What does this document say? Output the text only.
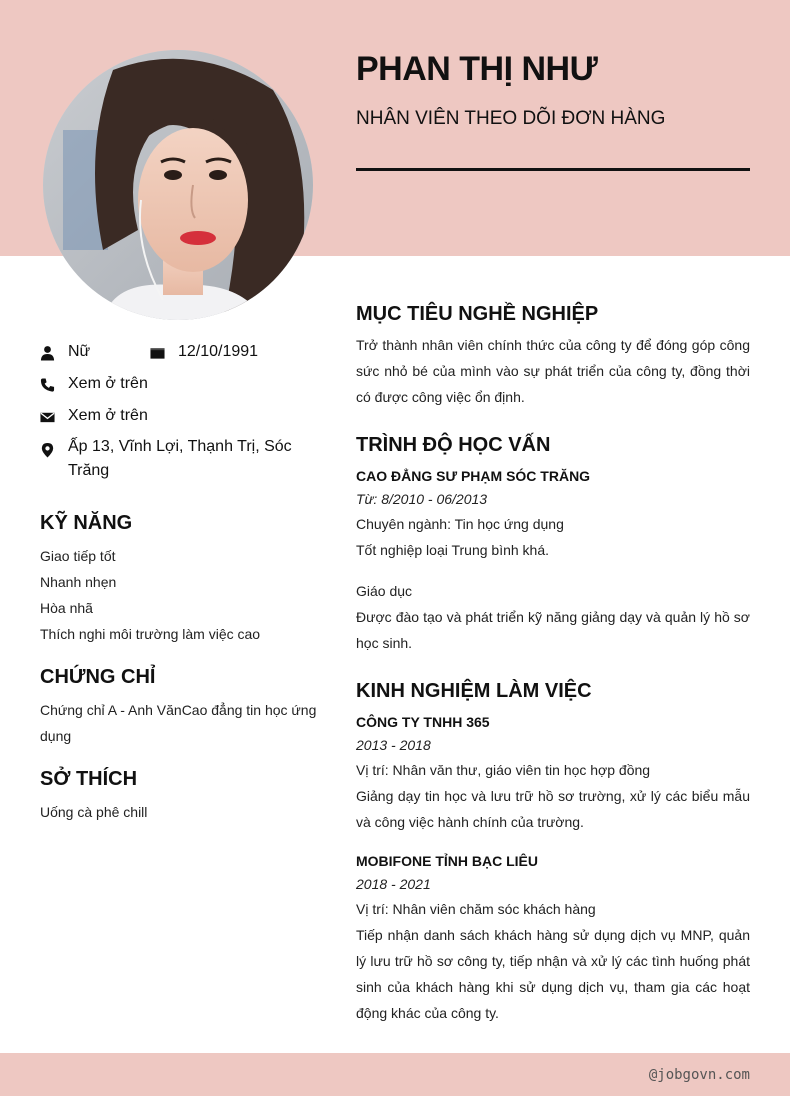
PHAN THỊ NHƯ
NHÂN VIÊN THEO DÕI ĐƠN HÀNG
Nữ	12/10/1991
Xem ở trên
Xem ở trên
Ấp 13, Vĩnh Lợi, Thạnh Trị, Sóc Trăng
KỸ NĂNG
Giao tiếp tốt
Nhanh nhẹn
Hòa nhã
Thích nghi môi trường làm việc cao
CHỨNG CHỈ
Chứng chỉ A - Anh VănCao đẳng tin học ứng dụng
SỞ THÍCH
Uống cà phê chill
MỤC TIÊU NGHỀ NGHIỆP
Trở thành nhân viên chính thức của công ty để đóng góp công sức nhỏ bé của mình vào sự phát triển của công ty, đồng thời có được công việc ổn định.
TRÌNH ĐỘ HỌC VẤN
CAO ĐẲNG SƯ PHẠM SÓC TRĂNG
Từ: 8/2010 - 06/2013
Chuyên ngành: Tin học ứng dụng
Tốt nghiệp loại Trung bình khá.
Giáo dục
Được đào tạo và phát triển kỹ năng giảng dạy và quản lý hồ sơ học sinh.
KINH NGHIỆM LÀM VIỆC
CÔNG TY TNHH 365
2013 - 2018
Vị trí: Nhân văn thư, giáo viên tin học hợp đồng
Giảng dạy tin học và lưu trữ hồ sơ trường, xử lý các biểu mẫu và công việc hành chính của trường.
MOBIFONE TỈNH BẠC LIÊU
2018 - 2021
Vị trí: Nhân viên chăm sóc khách hàng
Tiếp nhận danh sách khách hàng sử dụng dịch vụ MNP, quản lý lưu trữ hồ sơ công ty, tiếp nhận và xử lý các tình huống phát sinh của khách hàng khi sử dụng dịch vụ, tham gia các hoạt động khác của công ty.
@jobgovn.com
